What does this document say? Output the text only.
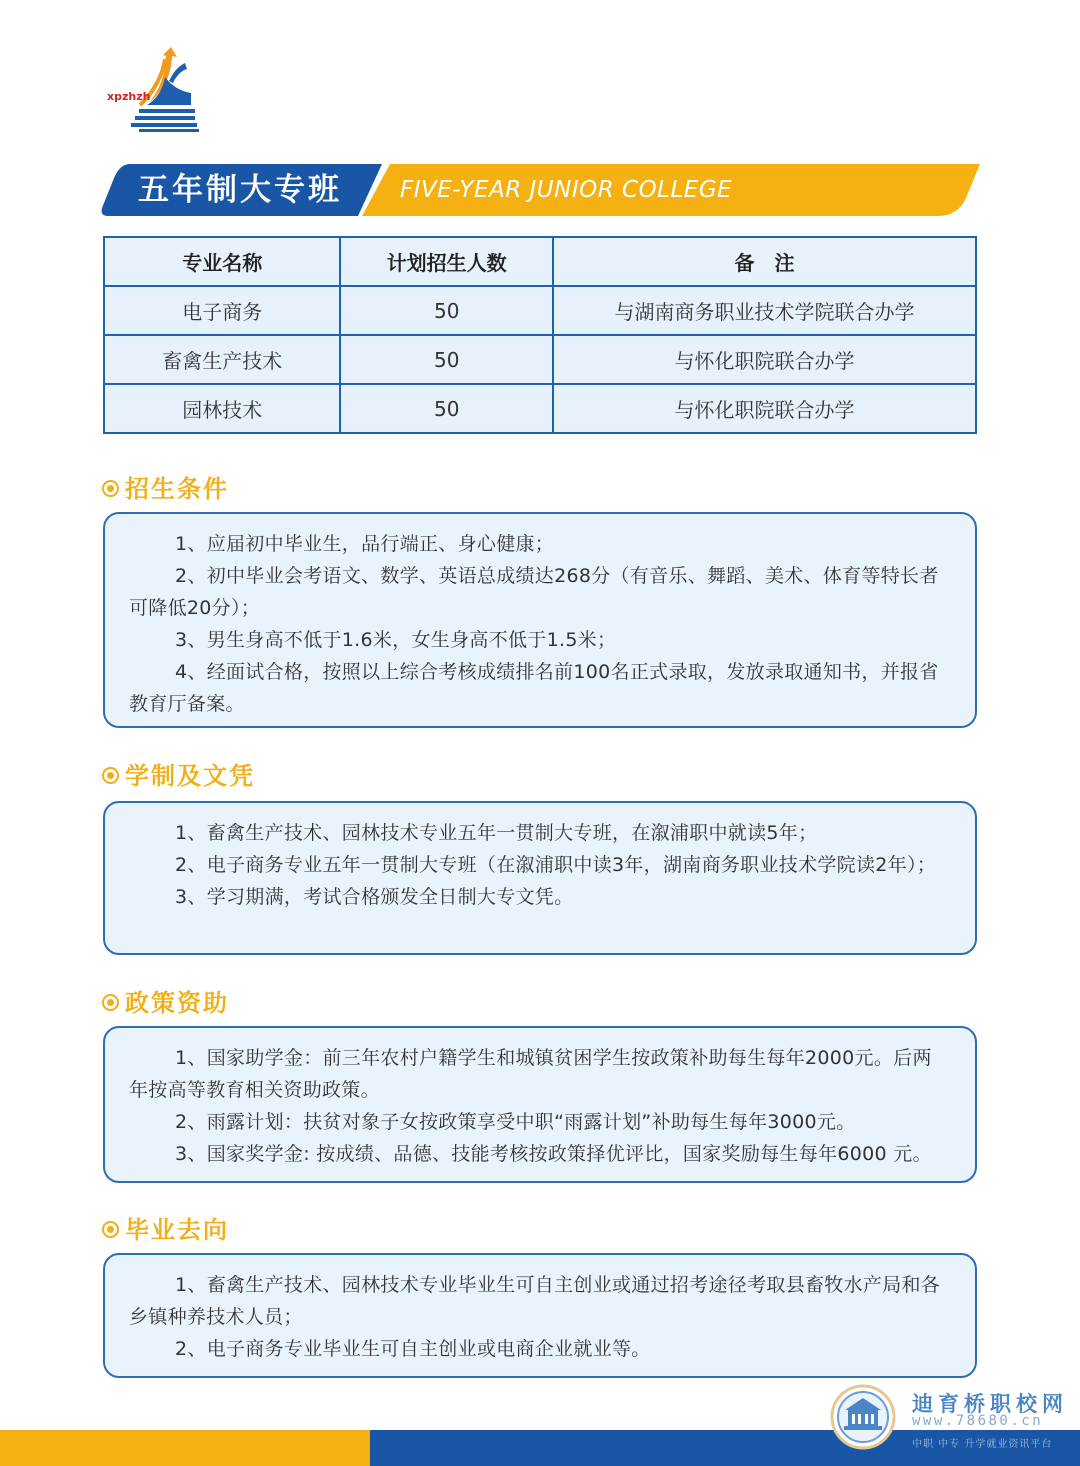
xpzhzh
五年制大专班	FIVE-YEAR JUNIOR COLLEGE
专业名称	计划招生人数	备　注
电子商务	50	与湖南商务职业技术学院联合办学
畜禽生产技术	50	与怀化职院联合办学
园林技术	50	与怀化职院联合办学
招生条件

1、应届初中毕业生，品行端正、身心健康；

2、初中毕业会考语文、数学、英语总成绩达268分（有音乐、舞蹈、美术、体育等特长者可降低20分）；

3、男生身高不低于1.6米，女生身高不低于1.5米；

4、经面试合格，按照以上综合考核成绩排名前100名正式录取，发放录取通知书，并报省教育厅备案。

学制及文凭

1、畜禽生产技术、园林技术专业五年一贯制大专班，在溆浦职中就读5年；

2、电子商务专业五年一贯制大专班（在溆浦职中读3年，湖南商务职业技术学院读2年）；

3、学习期满，考试合格颁发全日制大专文凭。

政策资助

1、国家助学金：前三年农村户籍学生和城镇贫困学生按政策补助每生每年2000元。后两年按高等教育相关资助政策。

2、雨露计划：扶贫对象子女按政策享受中职“雨露计划”补助每生每年3000元。

3、国家奖学金: 按成绩、品德、技能考核按政策择优评比，国家奖励每生每年6000 元。

毕业去向

1、畜禽生产技术、园林技术专业毕业生可自主创业或通过招考途径考取县畜牧水产局和各乡镇种养技术人员；

2、电子商务专业毕业生可自主创业或电商企业就业等。

迪育桥职校网
www.78680.cn
中职 中专 升学就业资讯平台
